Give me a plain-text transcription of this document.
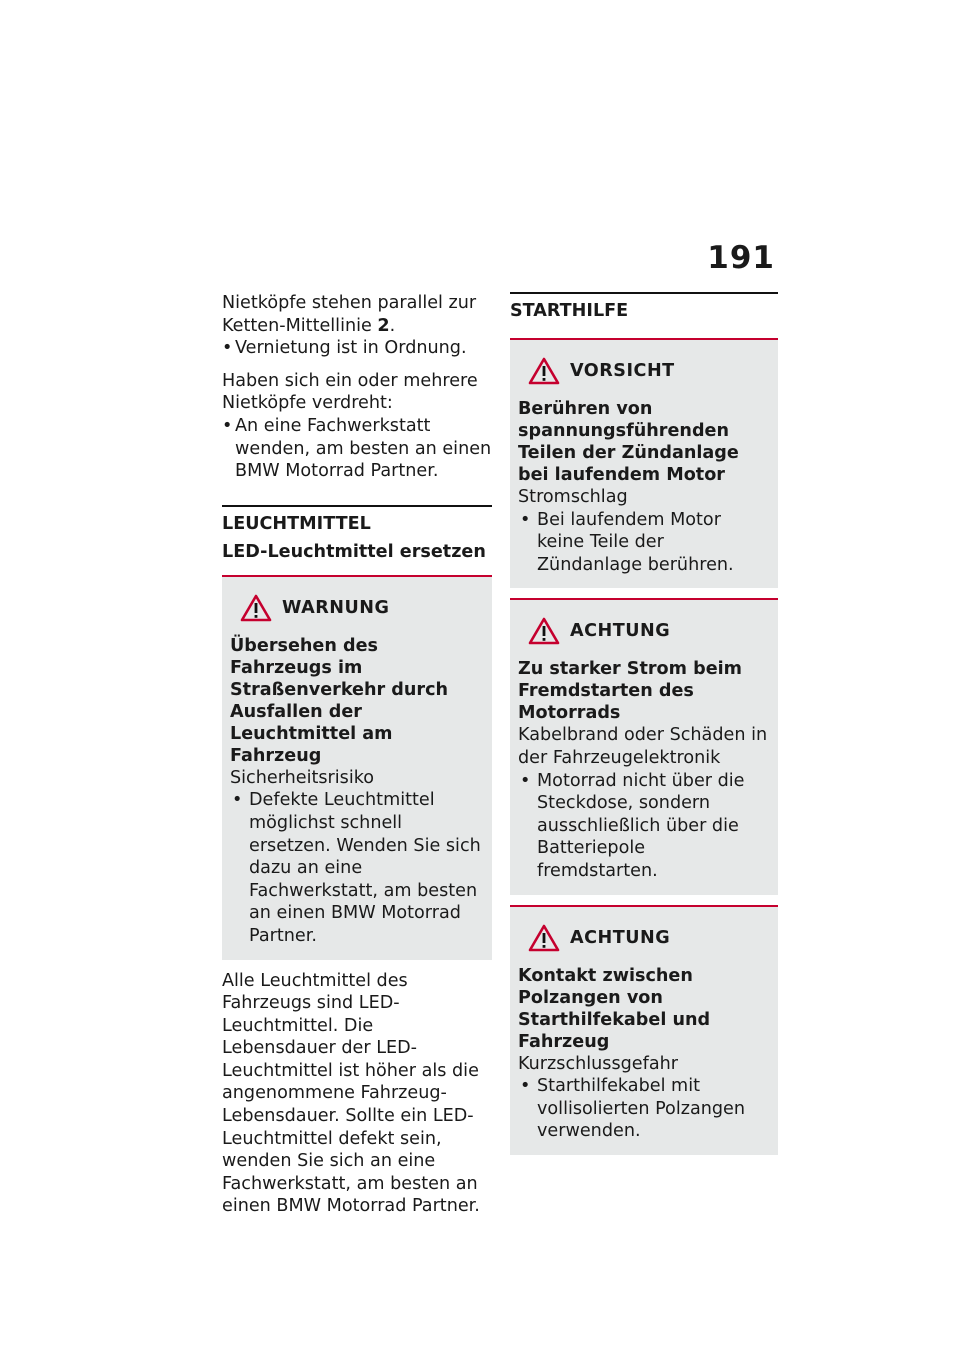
191

Nietköpfe stehen parallel zur

Ketten-Mittellinie 2.

• Vernietung ist in Ordnung.

Haben sich ein oder mehrere Nietköpfe verdreht:

• An eine Fachwerkstatt wenden, am besten an einen BMW Motorrad Partner.
LEUCHTMITTEL
LED-Leuchtmittel ersetzen
WARNUNG

Übersehen des Fahrzeugs im Straßenverkehr durch Ausfallen der Leuchtmittel am Fahrzeug

Sicherheitsrisiko

• Defekte Leuchtmittel möglichst schnell ersetzen. Wenden Sie sich dazu an eine Fachwerkstatt, am besten an einen BMW Motorrad Partner.

Alle Leuchtmittel des Fahrzeugs sind LED-Leuchtmittel. Die Lebensdauer der LED-Leuchtmittel ist höher als die angenommene Fahrzeug-Lebensdauer. Sollte ein LED-Leuchtmittel defekt sein, wenden Sie sich an eine Fachwerkstatt, am besten an einen BMW Motorrad Partner.

STARTHILFE
VORSICHT

Berühren von spannungsführenden Teilen der Zündanlage bei laufendem Motor

Stromschlag

• Bei laufendem Motor keine Teile der Zündanlage berühren.
ACHTUNG

Zu starker Strom beim Fremdstarten des Motorrads

Kabelbrand oder Schäden in der Fahrzeugelektronik

• Motorrad nicht über die Steckdose, sondern ausschließlich über die Batteriepole fremdstarten.
ACHTUNG

Kontakt zwischen Polzangen von Starthilfekabel und Fahrzeug

Kurzschlussgefahr

• Starthilfekabel mit vollisolierten Polzangen verwenden.
